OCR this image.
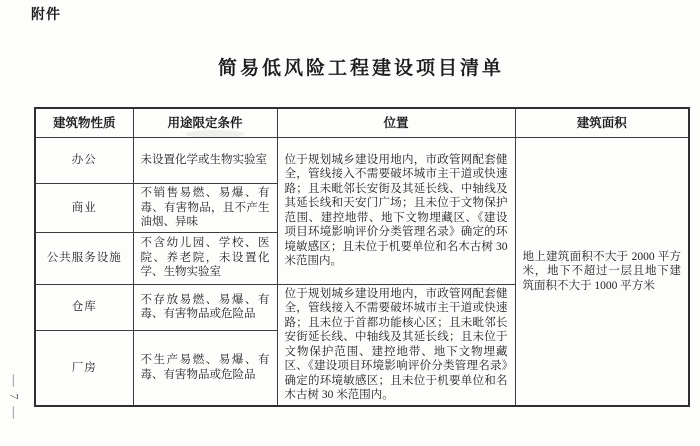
附件
简易低风险工程建设项目清单
— 7 —
建筑物性质	用途限定条件	位置	建筑面积
办公	未设置化学或生物实验室	位于规划城乡建设用地内，市政管网配套健全，管线接入不需要破坏城市主干道或快速路；且未毗邻长安街及其延长线、中轴线及其延长线和天安门广场；且未位于文物保护范围、建控地带、地下文物埋藏区、《建设项目环境影响评价分类管理名录》确定的环境敏感区；且未位于机要单位和名木古树 30 米范围内。	地上建筑面积不大于 2000 平方米，地下不超过一层且地下建筑面积不大于 1000 平方米
商业	不销售易燃、易爆、有毒、有害物品，且不产生油烟、异味		
公共服务设施	不含幼儿园、学校、医院、养老院，未设置化学、生物实验室		
仓库	不存放易燃、易爆、有毒、有害物品或危险品	位于规划城乡建设用地内，市政管网配套健全，管线接入不需要破坏城市主干道或快速路；且未位于首都功能核心区；且未毗邻长安街延长线、中轴线及其延长线；且未位于文物保护范围、建控地带、地下文物埋藏区、《建设项目环境影响评价分类管理名录》确定的环境敏感区；且未位于机要单位和名木古树 30 米范围内。	
厂房	不生产易燃、易爆、有毒、有害物品或危险品		
